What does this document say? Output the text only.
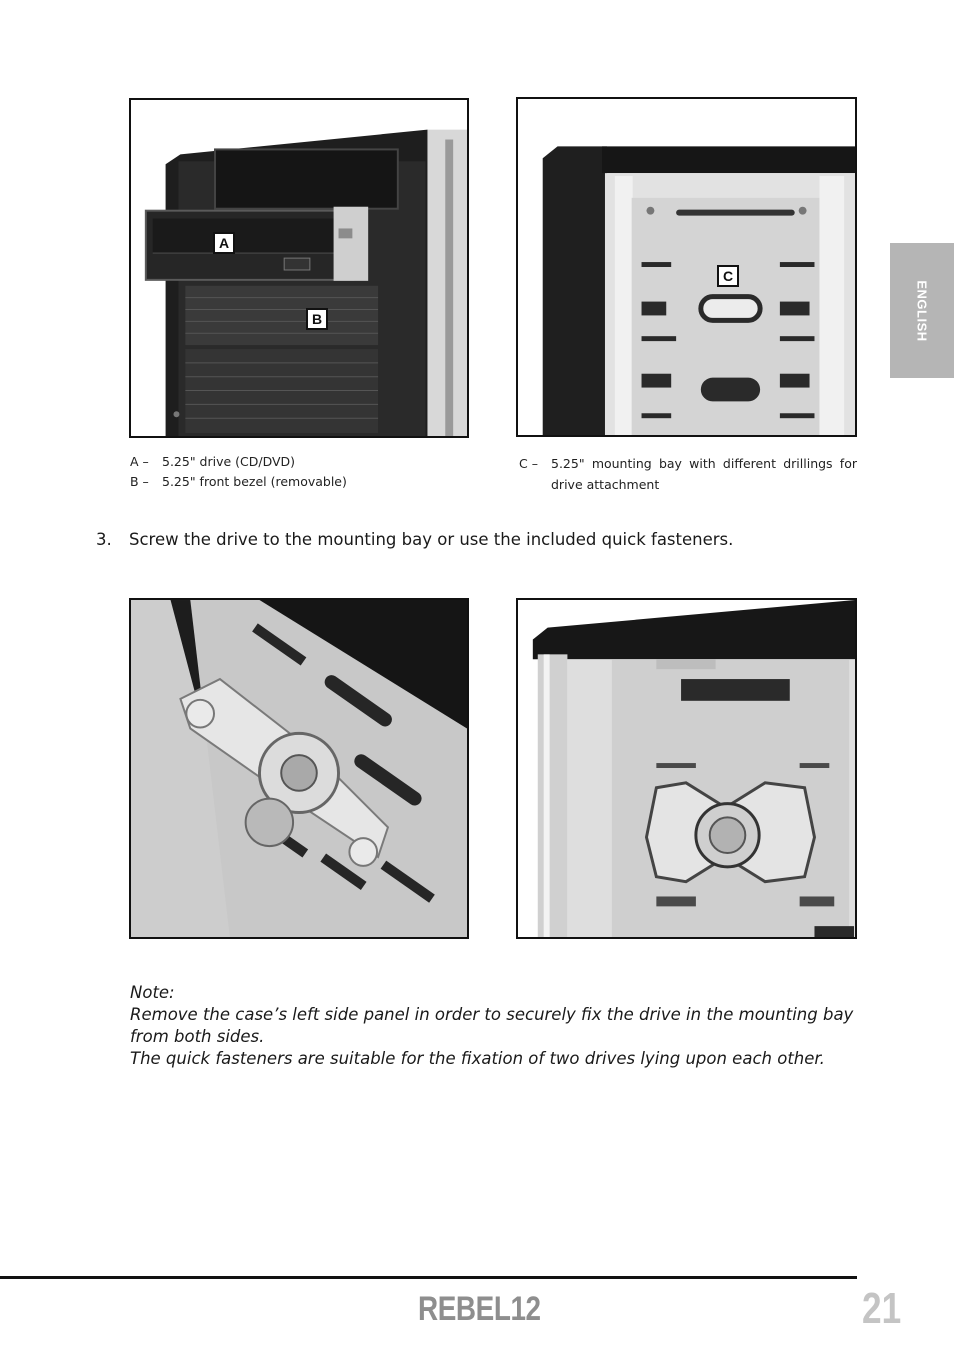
A
B
C
A –	5.25" drive (CD/DVD)
B –	5.25" front bezel (removable)
C –	5.25" mounting bay with different drillings for drive attachment
3.	Screw the drive to the mounting bay or use the included quick fasteners.

Note:

Remove the case’s left side panel in order to securely fix the drive in the mounting bay from both sides.

The quick fasteners are suitable for the fixation of two drives lying upon each other.

ENGLISH
REBEL12	21
